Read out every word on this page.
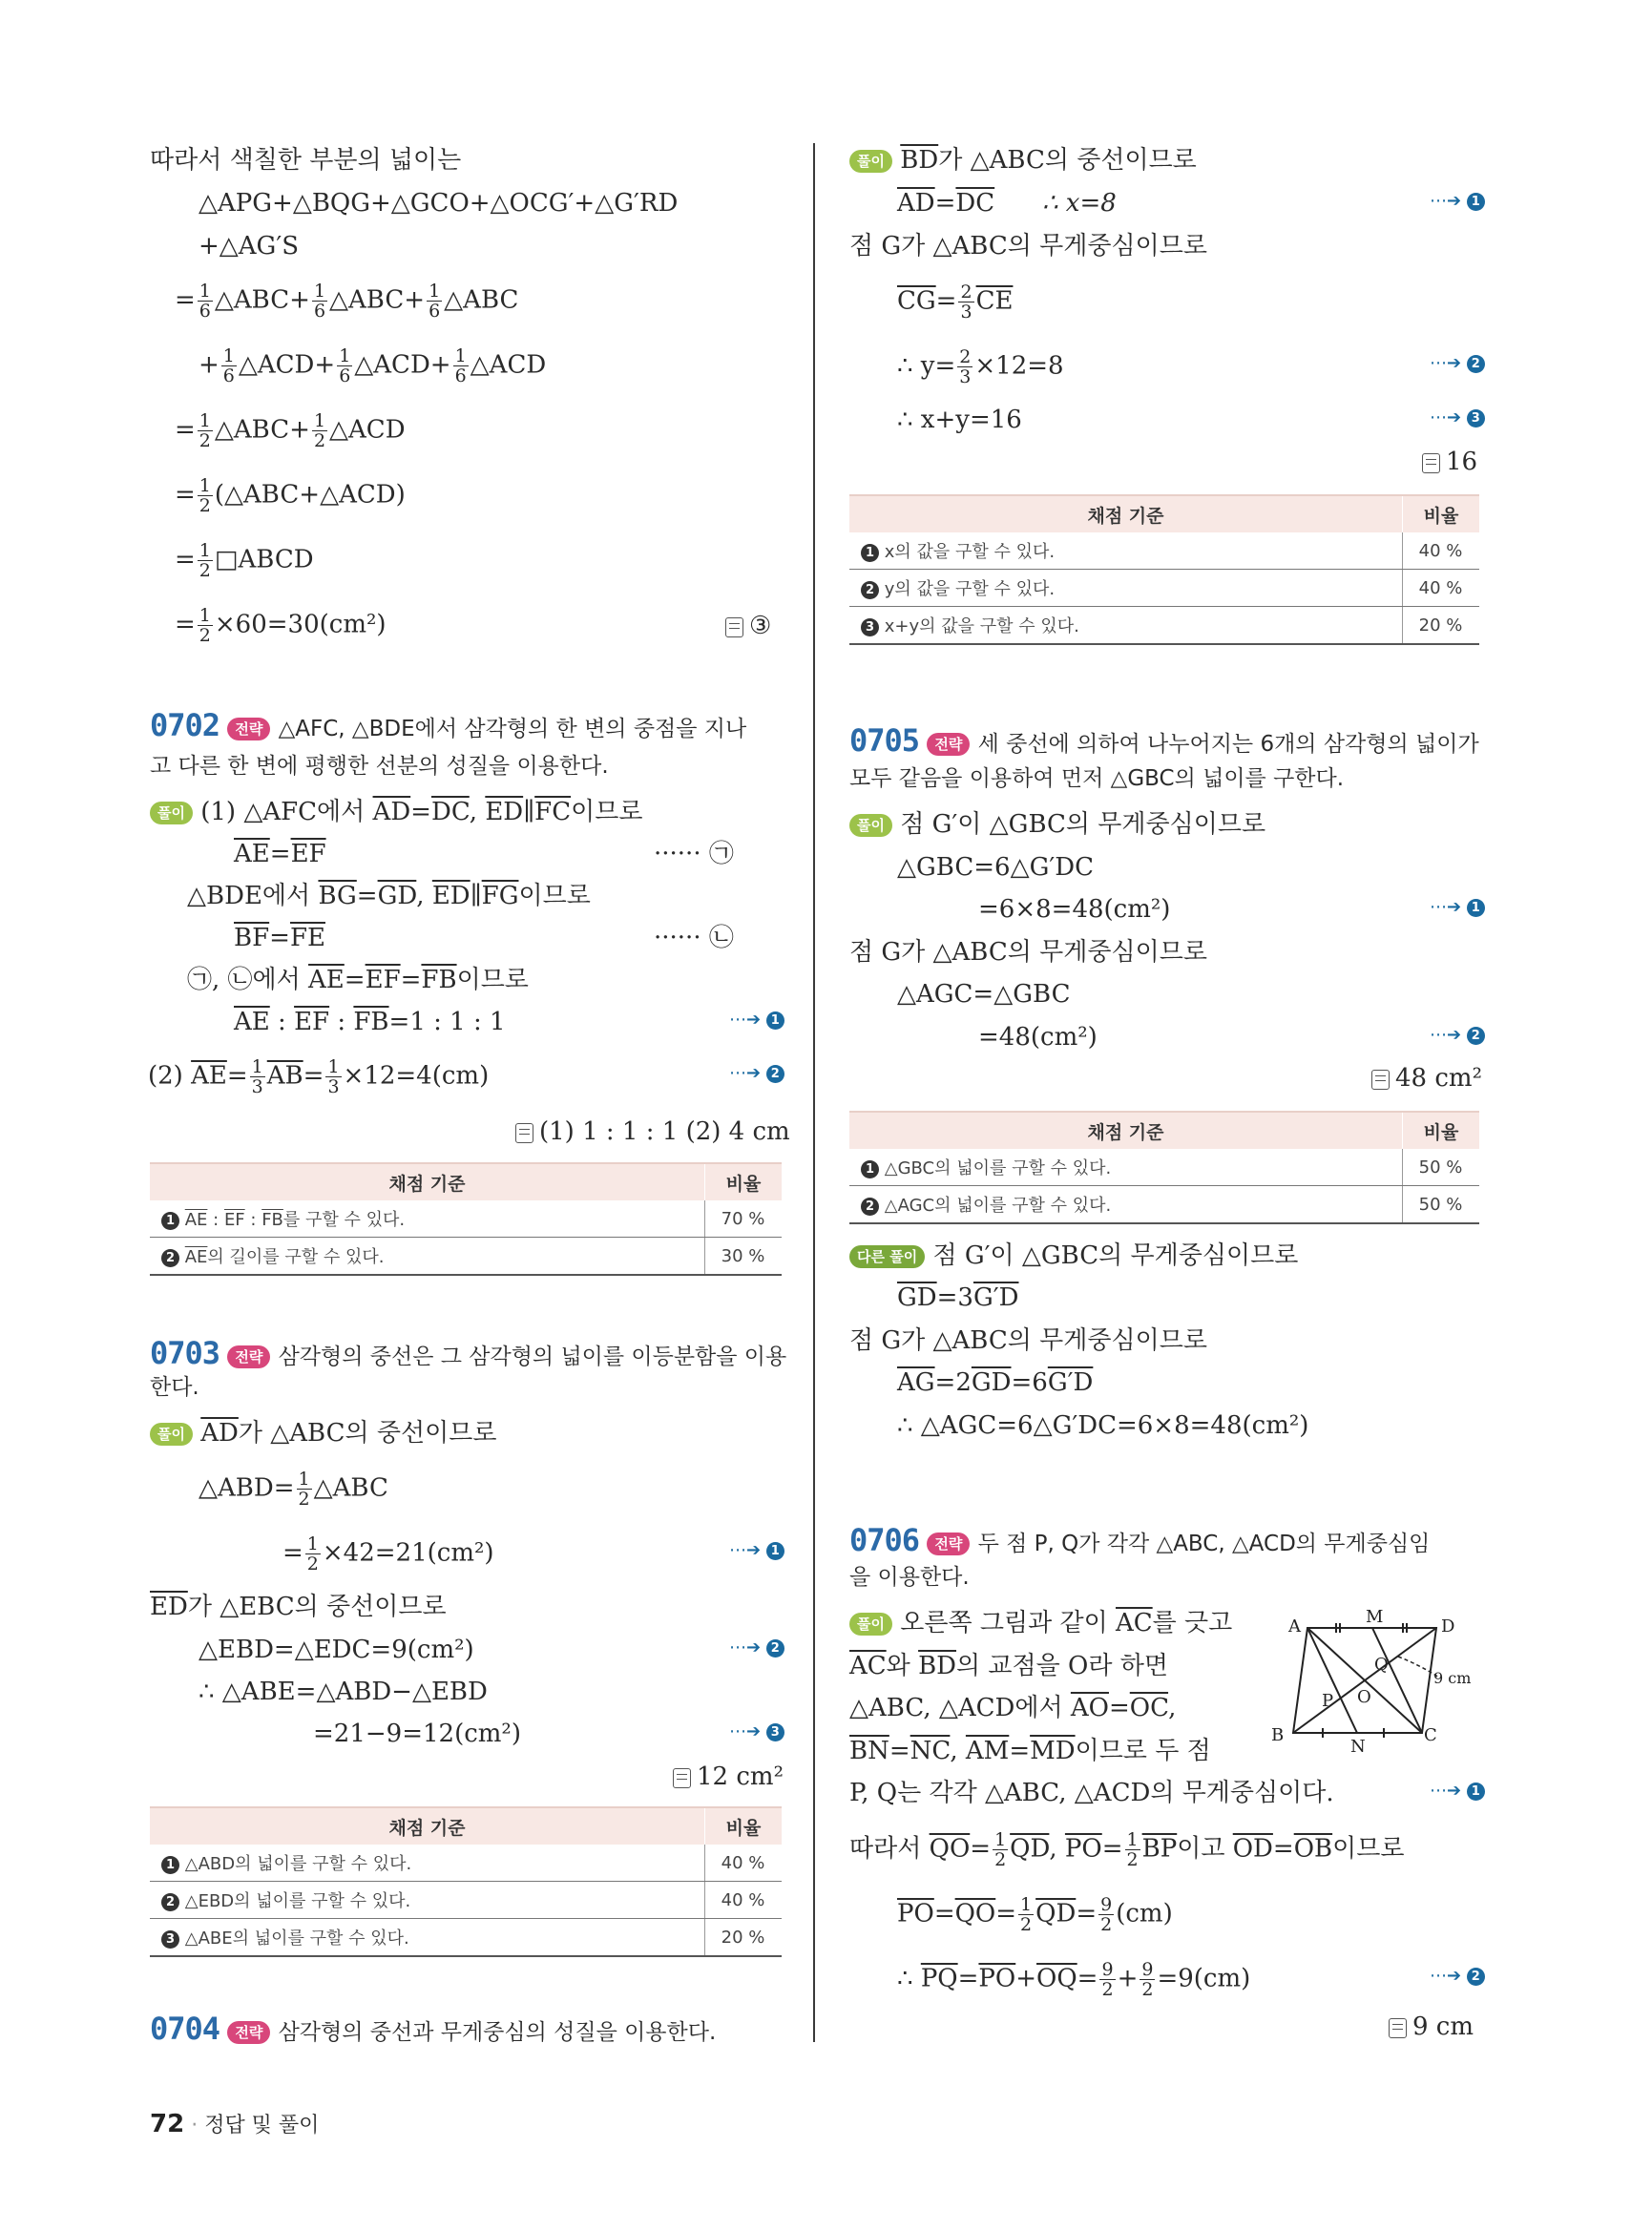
따라서 색칠한 부분의 넓이는
△APG+△BQG+△GCO+△OCG′+△G′RD
+△AG′S
= $\frac{1}{6}$ △ABC+ $\frac{1}{6}$ △ABC+ $\frac{1}{6}$ △ABC
+ $\frac{1}{6}$ △ACD+ $\frac{1}{6}$ △ACD+ $\frac{1}{6}$ △ACD
= $\frac{1}{2}$ △ABC+ $\frac{1}{2}$ △ACD
= $\frac{1}{2}$ (△ABC+△ACD)
= $\frac{1}{2}$ □ABCD
= $\frac{1}{2} \times 60=30(cm^2)$	③
0702 전략 △AFC, △BDE에서 삼각형의 한 변의 중점을 지나
고 다른 한 변에 평행한 선분의 성질을 이용한다.
풀이 (1) △AFC에서 $\overline{AD}=\overline{DC}$, $\overline{ED}\parallel\overline{FC}$이므로
$\overline{AE}=\overline{EF}$	······ ㉠
△BDE에서 $\overline{BG}=\overline{GD}$, $\overline{ED}\parallel\overline{FG}$이므로
$\overline{BF}=\overline{FE}$	······ ㉡
㉠, ㉡에서 $\overline{AE}=\overline{EF}=\overline{FB}$이므로
$\overline{AE}$ : $\overline{EF}$ : $\overline{FB}=1$ : 1 : 1	⋯➔ 1
(2) $\overline{AE}= \frac{1}{3} \overline{AB}= \frac{1}{3} \times 12=4(cm)$	⋯➔ 2
(1) 1 : 1 : 1 (2) 4 cm
채점 기준	비율
1 $\overline{AE}$ : $\overline{EF}$ : $\overline{FB}$를 구할 수 있다.	70 %
2 $\overline{AE}$의 길이를 구할 수 있다.	30 %
0703 전략 삼각형의 중선은 그 삼각형의 넓이를 이등분함을 이용
한다.
풀이 $\overline{AD}$가 △ABC의 중선이므로
△ABD= $\frac{1}{2}$ △ABC
= $\frac{1}{2} \times 42=21(cm^2)$	⋯➔ 1
$\overline{ED}$가 △EBC의 중선이므로
△EBD=△EDC=9(cm²)	⋯➔ 2
∴ △ABE=△ABD−△EBD
=21−9=12(cm²)	⋯➔ 3
12 cm²
채점 기준	비율
1 △ABD의 넓이를 구할 수 있다.	40 %
2 △EBD의 넓이를 구할 수 있다.	40 %
3 △ABE의 넓이를 구할 수 있다.	20 %
0704 전략 삼각형의 중선과 무게중심의 성질을 이용한다.
풀이 $\overline{BD}$가 △ABC의 중선이므로
$\overline{AD}=\overline{DC}$ ∴ x=8	⋯➔ 1
점 G가 △ABC의 무게중심이므로
$\overline{CG}= \frac{2}{3} \overline{CE}$
∴ $y= \frac{2}{3} \times 12=8$	⋯➔ 2
∴ x+y=16	⋯➔ 3
16
채점 기준	비율
1 x의 값을 구할 수 있다.	40 %
2 y의 값을 구할 수 있다.	40 %
3 x+y의 값을 구할 수 있다.	20 %
0705 전략 세 중선에 의하여 나누어지는 6개의 삼각형의 넓이가
모두 같음을 이용하여 먼저 △GBC의 넓이를 구한다.
풀이 점 G′이 △GBC의 무게중심이므로
△GBC=6△G′DC
=6×8=48(cm²)	⋯➔ 1
점 G가 △ABC의 무게중심이므로
△AGC=△GBC
=48(cm²)	⋯➔ 2
48 cm²
채점 기준	비율
1 △GBC의 넓이를 구할 수 있다.	50 %
2 △AGC의 넓이를 구할 수 있다.	50 %
다른 풀이 점 G′이 △GBC의 무게중심이므로
$\overline{GD}=3G'D$
점 G가 △ABC의 무게중심이므로
$\overline{AG}=2\overline{GD}=6G'D$
∴ △AGC=6△G′DC=6×8=48(cm²)
0706 전략 두 점 P, Q가 각각 △ABC, △ACD의 무게중심임
을 이용한다.
풀이 오른쪽 그림과 같이 $\overline{AC}$를 긋고
$\overline{AC}$와 $\overline{BD}$의 교점을 O라 하면
△ABC, △ACD에서 $\overline{AO}=\overline{OC}$,
$\overline{BN}=\overline{NC}$, $\overline{AM}=\overline{MD}$이므로 두 점
P, Q는 각각 △ABC, △ACD의 무게중심이다.	⋯➔ 1
A	M	D
Q
P O
B
N
C
9 cm
따라서 $\overline{QO}= \frac{1}{2} \overline{QD}$, $\overline{PO}= \frac{1}{2} \overline{BP}$이고 $\overline{OD}=\overline{OB}$이므로
$\overline{PO}=\overline{QO}= \frac{1}{2} \overline{QD}= \frac{9}{2} (cm)$
∴ $\overline{PQ}=\overline{PO}+\overline{OQ}= \frac{9}{2} + \frac{9}{2} =9(cm)$	⋯➔ 2
9 cm
72 · 정답 및 풀이
